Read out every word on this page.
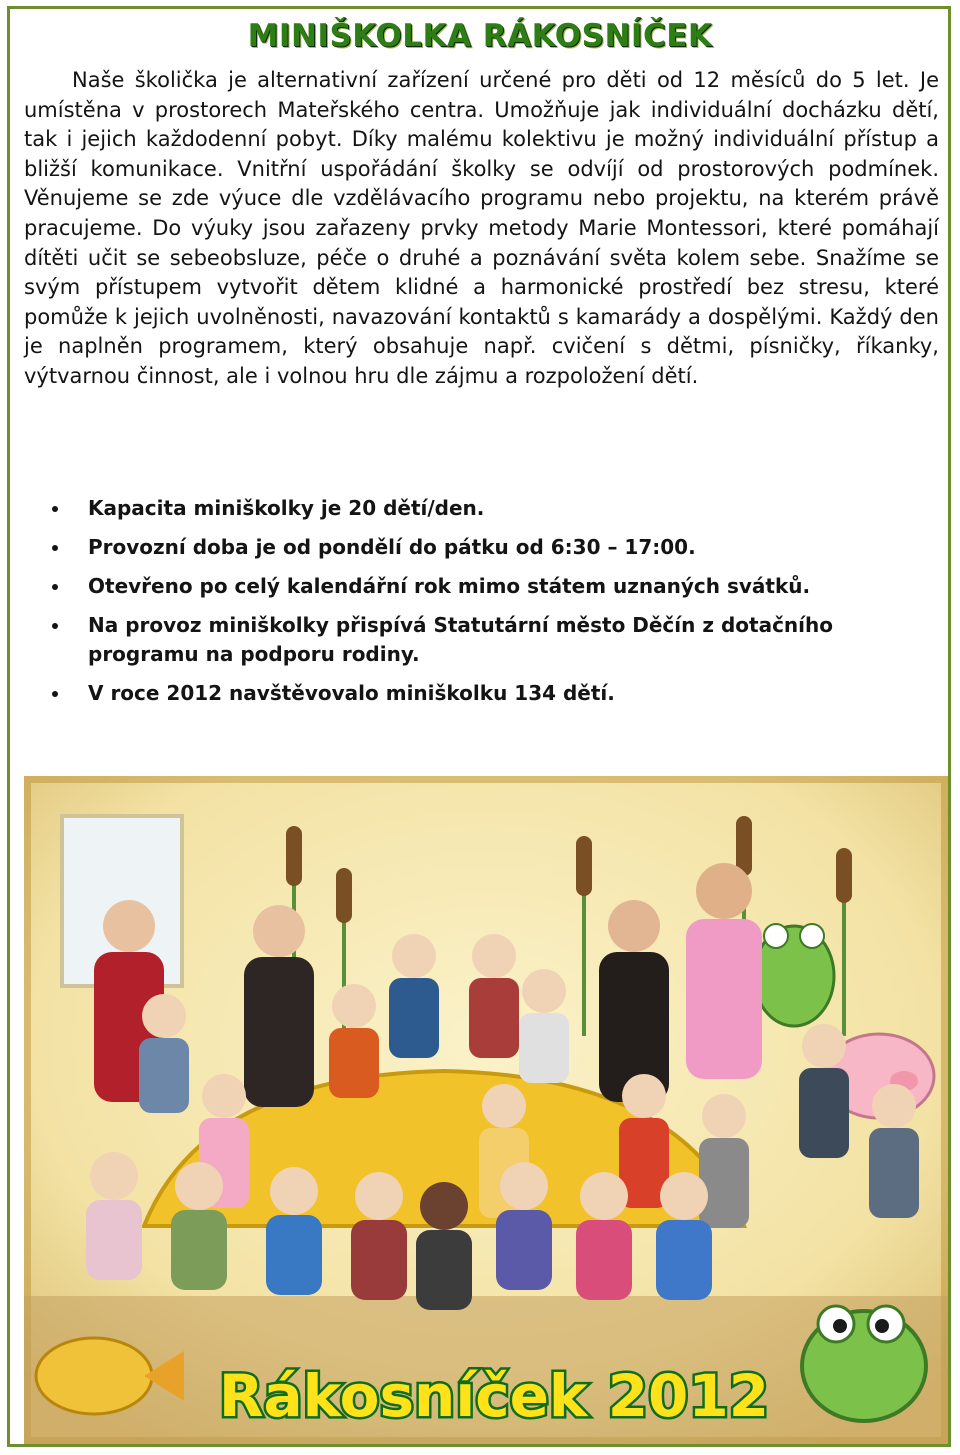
MINIŠKOLKA RÁKOSNÍČEK

Naše školička je alternativní zařízení určené pro děti od 12 měsíců do 5 let. Je umístěna v prostorech Mateřského centra. Umožňuje jak individuální docházku dětí, tak i jejich každodenní pobyt. Díky malému kolektivu je možný individuální přístup a bližší komunikace. Vnitřní uspořádání školky se odvíjí od prostorových podmínek. Věnujeme se zde výuce dle vzdělávacího programu nebo projektu, na kterém právě pracujeme. Do výuky jsou zařazeny prvky metody Marie Montessori, které pomáhají dítěti učit se sebeobsluze, péče o druhé a poznávání světa kolem sebe. Snažíme se svým přístupem vytvořit dětem klidné a harmonické prostředí bez stresu, které pomůže k jejich uvolněnosti, navazování kontaktů s kamarády a dospělými. Každý den je naplněn programem, který obsahuje např. cvičení s dětmi, písničky, říkanky, výtvarnou činnost, ale i volnou hru dle zájmu a rozpoložení dětí.

Kapacita miniškolky je 20 dětí/den.
Provozní doba je od pondělí do pátku od 6:30 – 17:00.
Otevřeno po celý kalendářní rok mimo státem uznaných svátků.
Na provoz miniškolky přispívá Statutární město Děčín z dotačního programu na podporu rodiny.
V roce 2012 navštěvovalo miniškolku 134 dětí.
Rákosníček 2012
